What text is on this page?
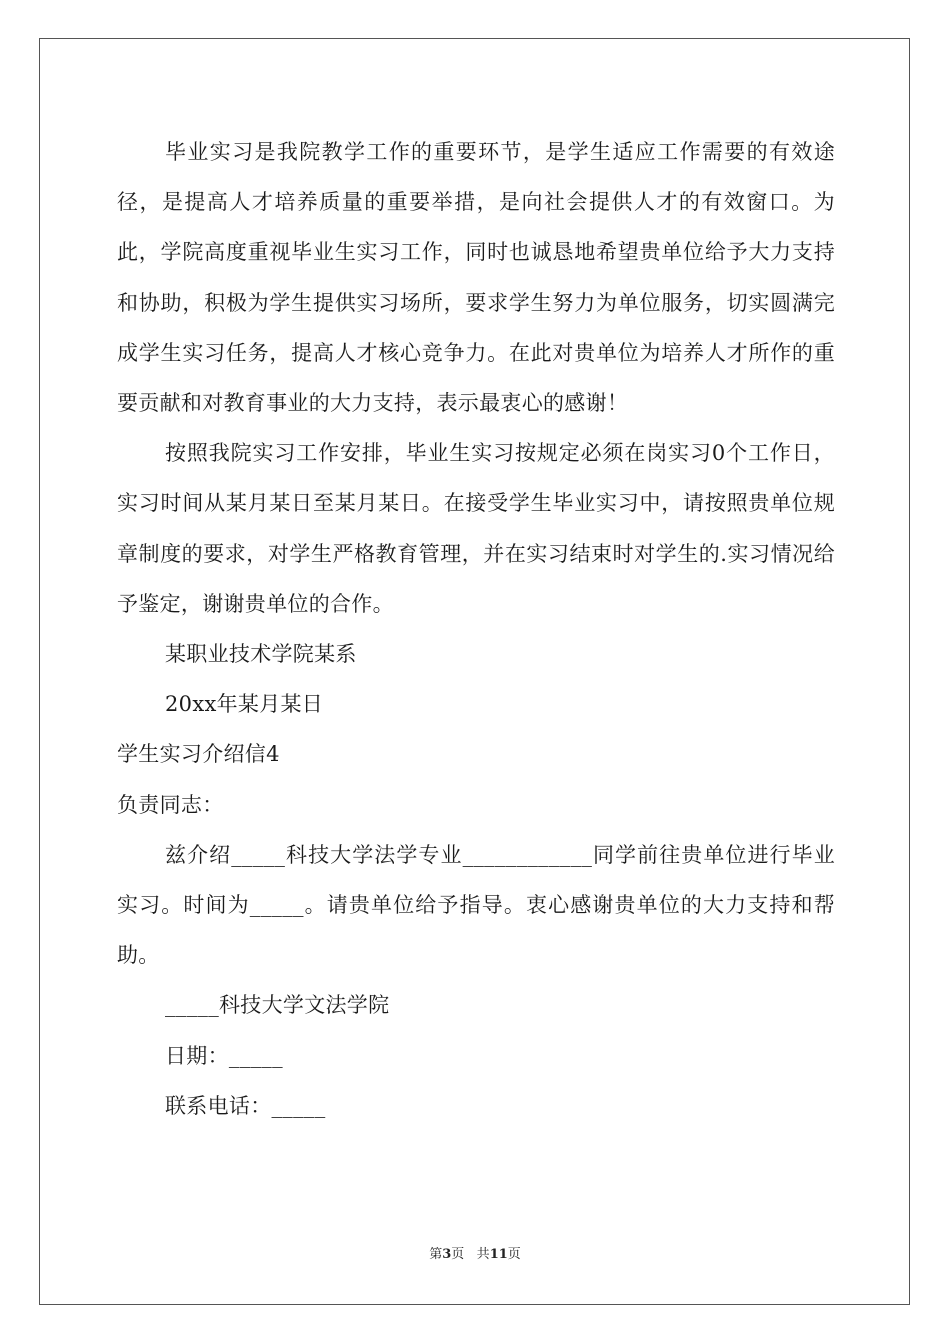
毕业实习是我院教学工作的重要环节，是学生适应工作需要的有效途径，是提高人才培养质量的重要举措，是向社会提供人才的有效窗口。为此，学院高度重视毕业生实习工作，同时也诚恳地希望贵单位给予大力支持和协助，积极为学生提供实习场所，要求学生努力为单位服务，切实圆满完成学生实习任务，提高人才核心竞争力。在此对贵单位为培养人才所作的重要贡献和对教育事业的大力支持，表示最衷心的感谢！

按照我院实习工作安排，毕业生实习按规定必须在岗实习0个工作日，实习时间从某月某日至某月某日。在接受学生毕业实习中，请按照贵单位规章制度的要求，对学生严格教育管理，并在实习结束时对学生的.实习情况给予鉴定，谢谢贵单位的合作。

某职业技术学院某系

20xx年某月某日

学生实习介绍信4

负责同志：

兹介绍_____科技大学法学专业____________同学前往贵单位进行毕业实习。时间为_____。请贵单位给予指导。衷心感谢贵单位的大力支持和帮助。

_____科技大学文法学院

日期：_____

联系电话：_____

第3页 共11页
